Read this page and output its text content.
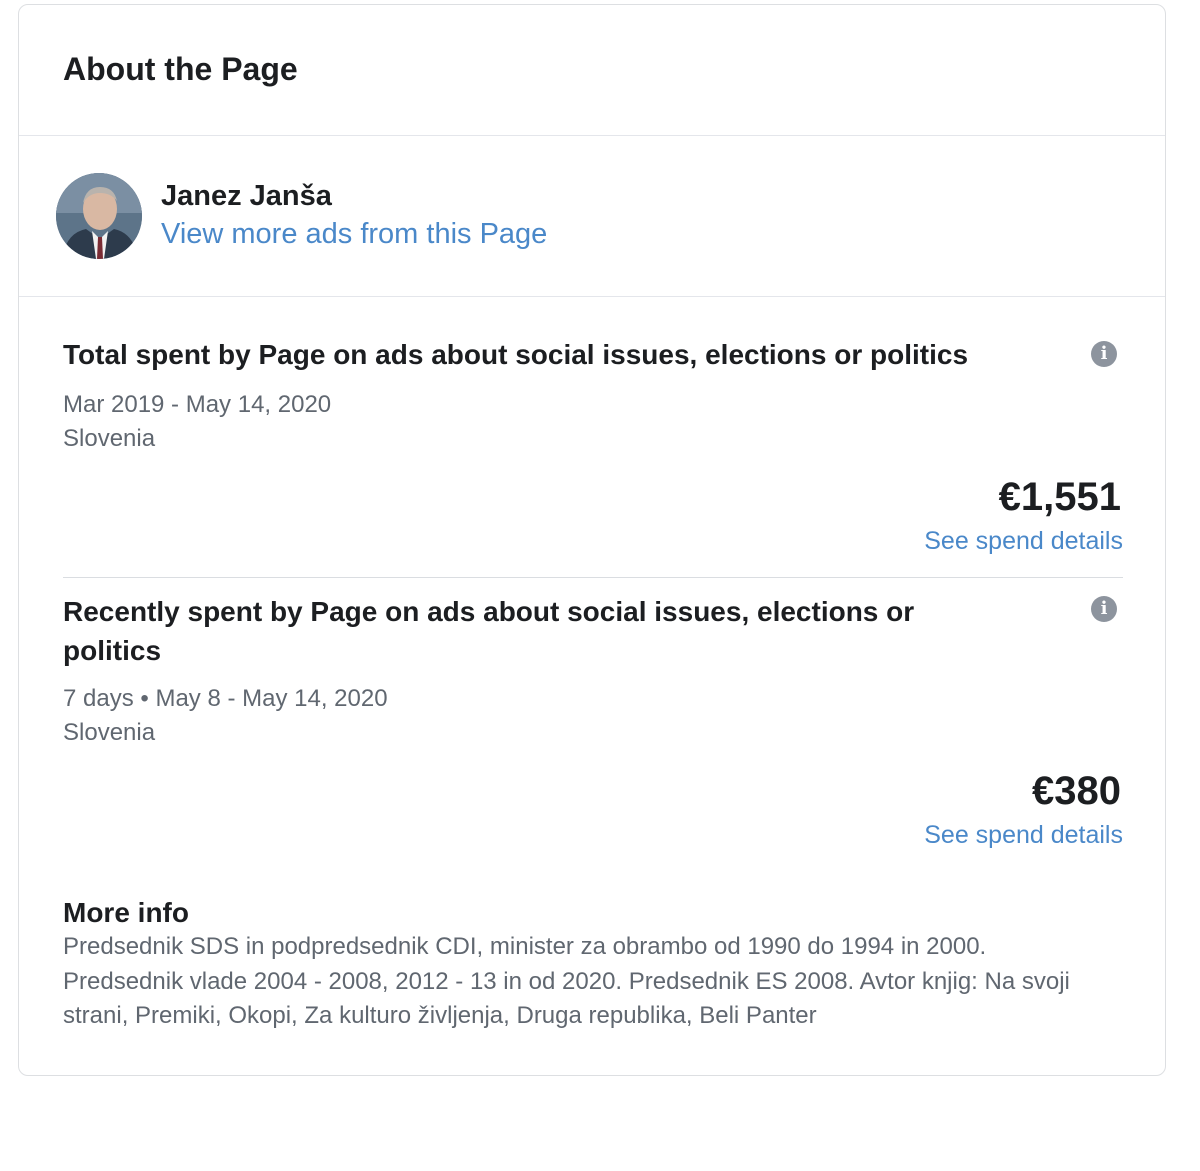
About the Page
Janez Janša
View more ads from this Page
Total spent by Page on ads about social issues, elections or politics	i
Mar 2019 - May 14, 2020
Slovenia
€1,551
See spend details
Recently spent by Page on ads about social issues, elections or politics
i
7 days • May 8 - May 14, 2020
Slovenia
€380
See spend details
More info
Predsednik SDS in podpredsednik CDI, minister za obrambo od 1990 do 1994 in 2000. Predsednik vlade 2004 - 2008, 2012 - 13 in od 2020. Predsednik ES 2008. Avtor knjig: Na svoji strani, Premiki, Okopi, Za kulturo življenja, Druga republika, Beli Panter
